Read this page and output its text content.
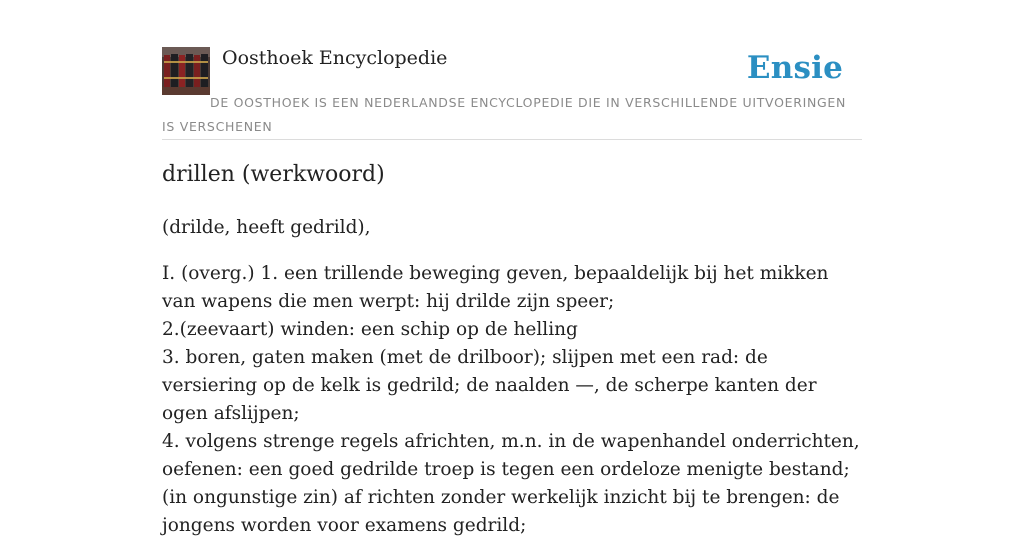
Oosthoek Encyclopedie	Ensie
DE OOSTHOEK IS EEN NEDERLANDSE ENCYCLOPEDIE DIE IN VERSCHILLENDE UITVOERINGEN IS VERSCHENEN
drillen (werkwoord)

(drilde, heeft gedrild),

I. (overg.) 1. een trillende beweging geven, bepaaldelijk bij het mikken van wapens die men werpt: hij drilde zijn speer;

2.(zeevaart) winden: een schip op de helling

3. boren, gaten maken (met de drilboor); slijpen met een rad: de versiering op de kelk is gedrild; de naalden —, de scherpe kanten der ogen afslijpen;

4. volgens strenge regels africhten, m.n. in de wapenhandel onderrichten, oefenen: een goed gedrilde troep is tegen een ordeloze menigte bestand; (in ongunstige zin) af richten zonder werkelijk inzicht bij te brengen: de jongens worden voor examens gedrild;
